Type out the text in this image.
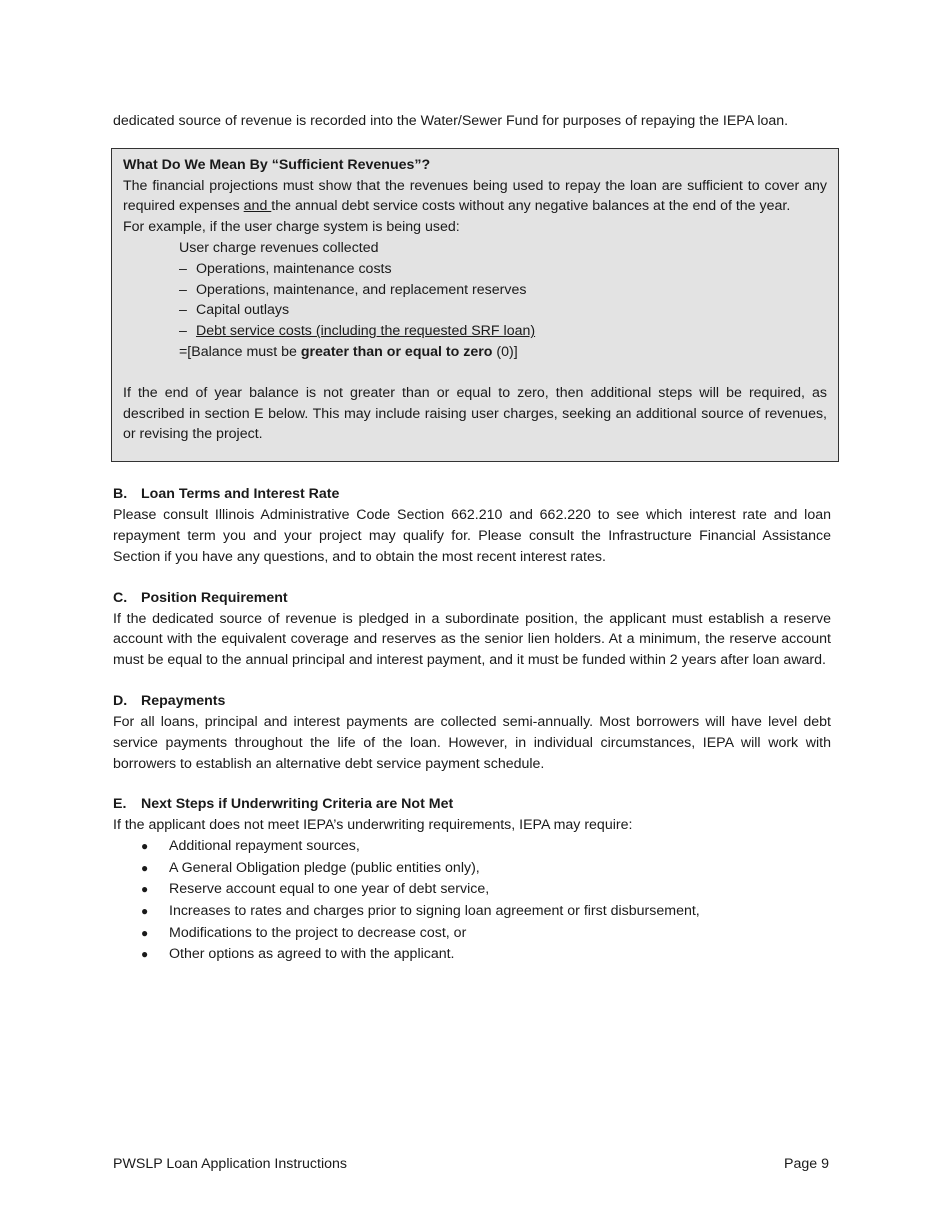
dedicated source of revenue is recorded into the Water/Sewer Fund for purposes of repaying the IEPA loan.

What Do We Mean By “Sufficient Revenues”?

The financial projections must show that the revenues being used to repay the loan are sufficient to cover any required expenses and the annual debt service costs without any negative balances at the end of the year.

For example, if the user charge system is being used:

User charge revenues collected
– Operations, maintenance costs
– Operations, maintenance, and replacement reserves
– Capital outlays
– Debt service costs (including the requested SRF loan)
=[Balance must be greater than or equal to zero (0)]

If the end of year balance is not greater than or equal to zero, then additional steps will be required, as described in section E below. This may include raising user charges, seeking an additional source of revenues, or revising the project.

B. Loan Terms and Interest Rate

Please consult Illinois Administrative Code Section 662.210 and 662.220 to see which interest rate and loan repayment term you and your project may qualify for. Please consult the Infrastructure Financial Assistance Section if you have any questions, and to obtain the most recent interest rates.

C. Position Requirement

If the dedicated source of revenue is pledged in a subordinate position, the applicant must establish a reserve account with the equivalent coverage and reserves as the senior lien holders. At a minimum, the reserve account must be equal to the annual principal and interest payment, and it must be funded within 2 years after loan award.

D. Repayments

For all loans, principal and interest payments are collected semi-annually. Most borrowers will have level debt service payments throughout the life of the loan. However, in individual circumstances, IEPA will work with borrowers to establish an alternative debt service payment schedule.

E.	Next Steps if Underwriting Criteria are Not Met

If the applicant does not meet IEPA’s underwriting requirements, IEPA may require:

●	Additional repayment sources,
●	A General Obligation pledge (public entities only),
●	Reserve account equal to one year of debt service,
●	Increases to rates and charges prior to signing loan agreement or first disbursement,
●	Modifications to the project to decrease cost, or
●	Other options as agreed to with the applicant.
PWSLP Loan Application Instructions	Page 9
